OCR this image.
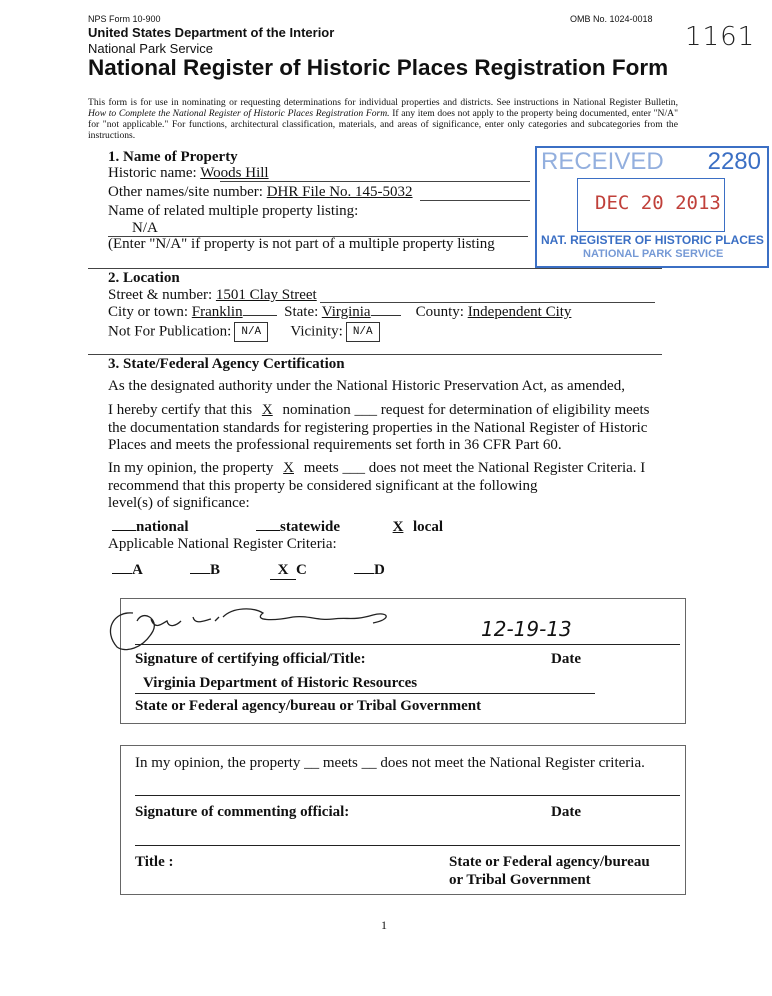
NPS Form 10-900	OMB No. 1024-0018
1161
United States Department of the Interior
National Park Service
National Register of Historic Places Registration Form
This form is for use in nominating or requesting determinations for individual properties and districts. See instructions in National Register Bulletin, How to Complete the National Register of Historic Places Registration Form. If any item does not apply to the property being documented, enter "N/A" for "not applicable." For functions, architectural classification, materials, and areas of significance, enter only categories and subcategories from the instructions.
RECEIVED 2280
DEC 20 2013
NAT. REGISTER OF HISTORIC PLACES
NATIONAL PARK SERVICE
1. Name of Property
Historic name: Woods Hill
Other names/site number: DHR File No. 145-5032
Name of related multiple property listing:
N/A
(Enter "N/A" if property is not part of a multiple property listing
2. Location
Street & number: 1501 Clay Street
City or town: Franklin	State: Virginia	County: Independent City
Not For Publication: N/A Vicinity: N/A
3. State/Federal Agency Certification
As the designated authority under the National Historic Preservation Act, as amended,
I hereby certify that this X nomination ___ request for determination of eligibility meets
the documentation standards for registering properties in the National Register of Historic
Places and meets the professional requirements set forth in 36 CFR Part 60.
In my opinion, the property X meets ___ does not meet the National Register Criteria. I
recommend that this property be considered significant at the following
level(s) of significance:
national	statewide	X local
Applicable National Register Criteria:
A	B	X C	D
12-19-13
Signature of certifying official/Title:	Date
Virginia Department of Historic Resources
State or Federal agency/bureau or Tribal Government
In my opinion, the property __ meets __ does not meet the National Register criteria.
Signature of commenting official:	Date
Title :	State or Federal agency/bureau
or Tribal Government
1
